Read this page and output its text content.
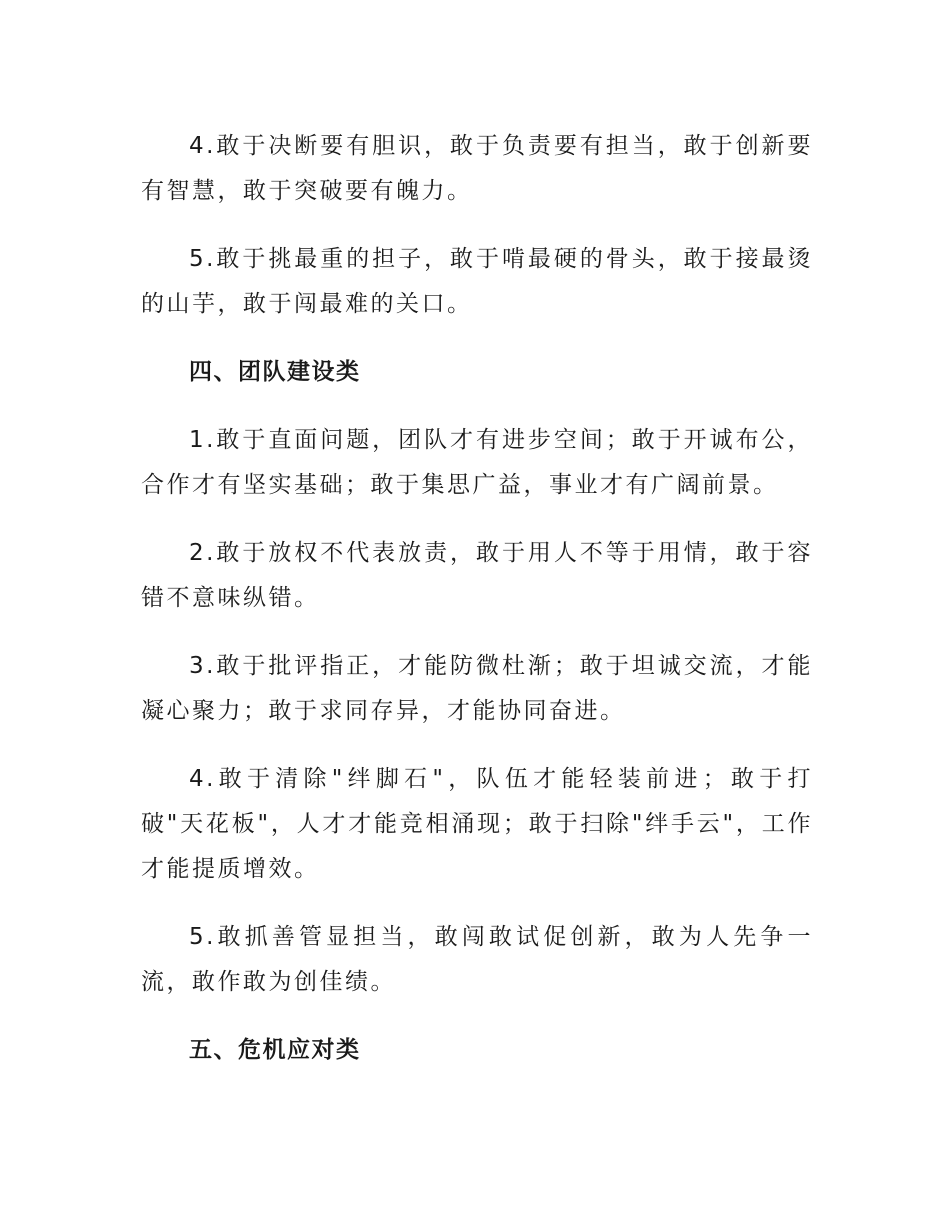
4.敢于决断要有胆识，敢于负责要有担当，敢于创新要有智慧，敢于突破要有魄力。

5.敢于挑最重的担子，敢于啃最硬的骨头，敢于接最烫的山芋，敢于闯最难的关口。

四、团队建设类

1.敢于直面问题，团队才有进步空间；敢于开诚布公，合作才有坚实基础；敢于集思广益，事业才有广阔前景。

2.敢于放权不代表放责，敢于用人不等于用情，敢于容错不意味纵错。

3.敢于批评指正，才能防微杜渐；敢于坦诚交流，才能凝心聚力；敢于求同存异，才能协同奋进。

4.敢于清除"绊脚石"，队伍才能轻装前进；敢于打破"天花板"，人才才能竞相涌现；敢于扫除"绊手云"，工作才能提质增效。

5.敢抓善管显担当，敢闯敢试促创新，敢为人先争一流，敢作敢为创佳绩。

五、危机应对类
